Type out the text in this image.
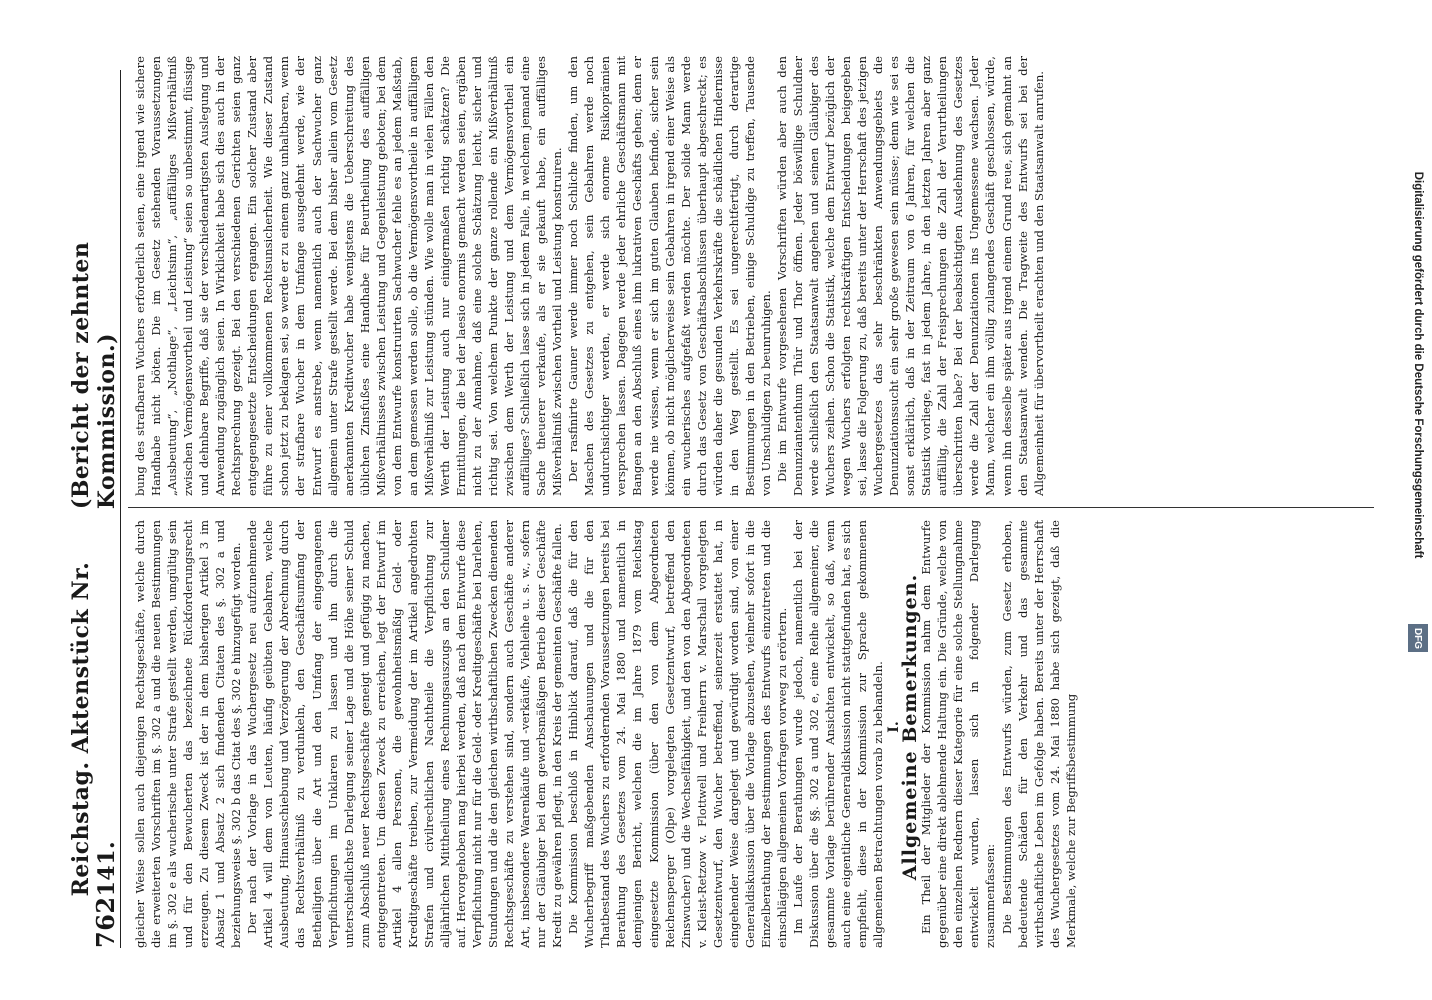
762
Reichstag. Aktenstück Nr. 141.
(Bericht der zehnten Kommission.)

gleicher Weise sollen auch diejenigen Rechtsgeschäfte, welche durch die erweiterten Vorschriften im §. 302 a und die neuen Bestimmungen im §. 302 e als wucherische unter Strafe gestellt werden, umgültig sein und für den Bewucherten das bezeichnete Rückforderungsrecht erzeugen. Zu diesem Zweck ist der in dem bisherigen Artikel 3 im Absatz 1 und Absatz 2 sich findenden Citaten des §. 302 a und beziehungsweise §. 302 b das Citat des §. 302 e hinzugefügt worden. Der nach der Vorlage in das Wuchergesetz neu aufzunehmende Artikel 4 will dem von Leuten, häufig geübten Gebahren, welche Ausbeutung, Hinausschiebung und Verzögerung der Abrechnung durch das Rechtsverhältniß zu verdunkeln, den Geschäftsumfang der Betheiligten über die Art und den Umfang der eingegangenen Verpflichtungen im Unklaren zu lassen und ihn durch die unterschiedlichste Darlegung seiner Lage und die Höhe seiner Schuld zum Abschluß neuer Rechtsgeschäfte geneigt und gefügig zu machen, entgegentreten. Um diesen Zweck zu erreichen, legt der Entwurf im Artikel 4 allen Personen, die gewohnheitsmäßig Geld- oder Kreditgeschäfte treiben, zur Vermeidung der im Artikel angedrohten Strafen und civilrechtlichen Nachtheile die Verpflichtung zur alljährlichen Mittheilung eines Rechnungsauszugs an den Schuldner auf. Hervorgehoben mag hierbei werden, daß nach dem Entwurfe diese Verpflichtung nicht nur für die Geld- oder Kreditgeschäfte bei Darlehen, Stundungen und die den gleichen wirthschaftlichen Zwecken dienenden Rechtsgeschäfte zu verstehen sind, sondern auch Geschäfte anderer Art, insbesondere Warenkäufe und -verkäufe, Viehleihe u. s. w., sofern nur der Gläubiger bei dem gewerbsmäßigen Betrieb dieser Geschäfte Kredit zu gewähren pflegt, in den Kreis der gemeinten Geschäfte fallen. Die Kommission beschloß in Hinblick darauf, daß die für den Wucherbegriff maßgebenden Anschauungen und die für den Thatbestand des Wuchers zu erfordernden Voraussetzungen bereits bei Berathung des Gesetzes vom 24. Mai 1880 und namentlich in demjenigen Bericht, welchen die im Jahre 1879 vom Reichstag eingesetzte Kommission (über den von dem Abgeordneten Reichensperger (Olpe) vorgelegten Gesetzentwurf, betreffend den Zinswucher) und die Wechselfähigkeit, und den von den Abgeordneten v. Kleist-Retzow v. Flottwell und Freiherrn v. Marschall vorgelegten Gesetzentwurf, den Wucher betreffend, seinerzeit erstattet hat, in eingehender Weise dargelegt und gewürdigt worden sind, von einer Generaldiskussion über die Vorlage abzusehen, vielmehr sofort in die Einzelberathung der Bestimmungen des Entwurfs einzutreten und die einschlägigen allgemeinen Vorfragen vorweg zu erörtern. Im Laufe der Berathungen wurde jedoch, namentlich bei der Diskussion über die §§. 302 a und 302 e, eine Reihe allgemeiner, die gesammte Vorlage berührender Ansichten entwickelt, so daß, wenn auch eine eigentliche Generaldiskussion nicht stattgefunden hat, es sich empfiehlt, diese in der Kommission zur Sprache gekommenen allgemeinen Betrachtungen vorab zu behandeln. I.

Allgemeine Bemerkungen.

Ein Theil der Mitglieder der Kommission nahm dem Entwurfe gegenüber eine direkt ablehnende Haltung ein. Die Gründe, welche von den einzelnen Rednern dieser Kategorie für eine solche Stellungnahme entwickelt wurden, lassen sich in folgender Darlegung zusammenfassen: Die Bestimmungen des Entwurfs würden, zum Gesetz erhoben, bedeutende Schäden für den Verkehr und das gesammte wirthschaftliche Leben im Gefolge haben. Bereits unter der Herrschaft des Wuchergesetzes vom 24. Mai 1880 habe sich gezeigt, daß die Merkmale, welche zur Begriffsbestimmung

bung des strafbaren Wuchers erforderlich seien, eine irgend wie sichere Handhabe nicht böten. Die im Gesetz stehenden Voraussetzungen „Ausbeutung“, „Nothlage“, „Leichtsinn“, „auffälliges Mißverhältniß zwischen Vermögensvortheil und Leistung“ seien so unbestimmt, flüssige und dehnbare Begriffe, daß sie der verschiedenartigsten Auslegung und Anwendung zugänglich seien. In Wirklichkeit habe sich dies auch in der Rechtsprechung gezeigt. Bei den verschiedenen Gerichten seien ganz entgegengesetzte Entscheidungen ergangen. Ein solcher Zustand aber führe zu einer vollkommenen Rechtsunsicherheit. Wie dieser Zustand schon jetzt zu beklagen sei, so werde er zu einem ganz unhaltbaren, wenn der strafbare Wucher in dem Umfange ausgedehnt werde, wie der Entwurf es anstrebe, wenn namentlich auch der Sachwucher ganz allgemein unter Strafe gestellt werde. Bei dem bisher allein vom Gesetz anerkannten Kreditwucher habe wenigstens die Ueberschreitung des üblichen Zinsfußes eine Handhabe für Beurtheilung des auffälligen Mißverhältnisses zwischen Leistung und Gegenleistung geboten; bei dem von dem Entwurfe konstruirten Sachwucher fehle es an jedem Maßstab, an dem gemessen werden solle, ob die Vermögensvortheile in auffälligem Mißverhältniß zur Leistung stünden. Wie wolle man in vielen Fällen den Werth der Leistung auch nur einigermaßen richtig schätzen? Die Ermittlungen, die bei der laesio enormis gemacht werden seien, ergäben nicht zu der Annahme, daß eine solche Schätzung leicht, sicher und richtig sei. Von welchem Punkte der ganze rollende ein Mißverhältniß zwischen dem Werth der Leistung und dem Vermögensvortheil ein auffälliges? Schließlich lasse sich in jedem Falle, in welchem jemand eine Sache theuerer verkaufe, als er sie gekauft habe, ein auffälliges Mißverhältniß zwischen Vortheil und Leistung konstruiren. Der rasfinirte Gauner werde immer noch Schliche finden, um den Maschen des Gesetzes zu entgehen, sein Gebahren werde noch undurchsichtiger werden, er werde sich enorme Risikoprämien versprechen lassen. Dagegen werde jeder ehrliche Geschäftsmann mit Bangen an den Abschluß eines ihm lukrativen Geschäfts gehen; denn er werde nie wissen, wenn er sich im guten Glauben befinde, sicher sein können, ob nicht möglicherweise sein Gebahren in irgend einer Weise als ein wucherisches aufgefaßt werden möchte. Der solide Mann werde durch das Gesetz von Geschäftsabschlüssen überhaupt abgeschreckt; es würden daher die gesunden Verkehrskräfte die schädlichen Hindernisse in den Weg gestellt. Es sei ungerechtfertigt, durch derartige Bestimmungen in den Betrieben, einige Schuldige zu treffen, Tausende von Unschuldigen zu beunruhigen. Die im Entwurfe vorgesehenen Vorschriften würden aber auch den Denunziantenthum Thür und Thor öffnen. Jeder böswillige Schuldner werde schließlich den Staatsanwalt angehen und seinen Gläubiger des Wuchers zeihen. Schon die Statistik, welche dem Entwurf bezüglich der wegen Wuchers erfolgten rechtskräftigen Entscheidungen beigegeben sei, lasse die Folgerung zu, daß bereits unter der Herrschaft des jetzigen Wuchergesetzes das sehr beschränkten Anwendungsgebiets die Denunziationssucht ein sehr große gewesen sein müsse; denn wie sei es sonst erklärlich, daß in der Zeitraum von 6 Jahren, für welchen die Statistik vorliege, fast in jedem Jahre, in den letzten Jahren aber ganz auffällig, die Zahl der Freisprechungen die Zahl der Verurtheilungen überschritten habe? Bei der beabsichtigten Ausdehnung des Gesetzes werde die Zahl der Denunziationen ins Ungemessene wachsen. Jeder Mann, welcher ein ihm völlig zulangendes Geschäft geschlossen, würde, wenn ihn desselbe später aus irgend einem Grund reue, sich gemahnt an den Staatsanwalt wenden. Die Tragweite des Entwurfs sei bei der Allgemeinheit für übervortheilt erachten und den Staatsanwalt anrufen.	Digitalisierung gefördert durch die Deutsche Forschungsgemeinschaft
DFG
